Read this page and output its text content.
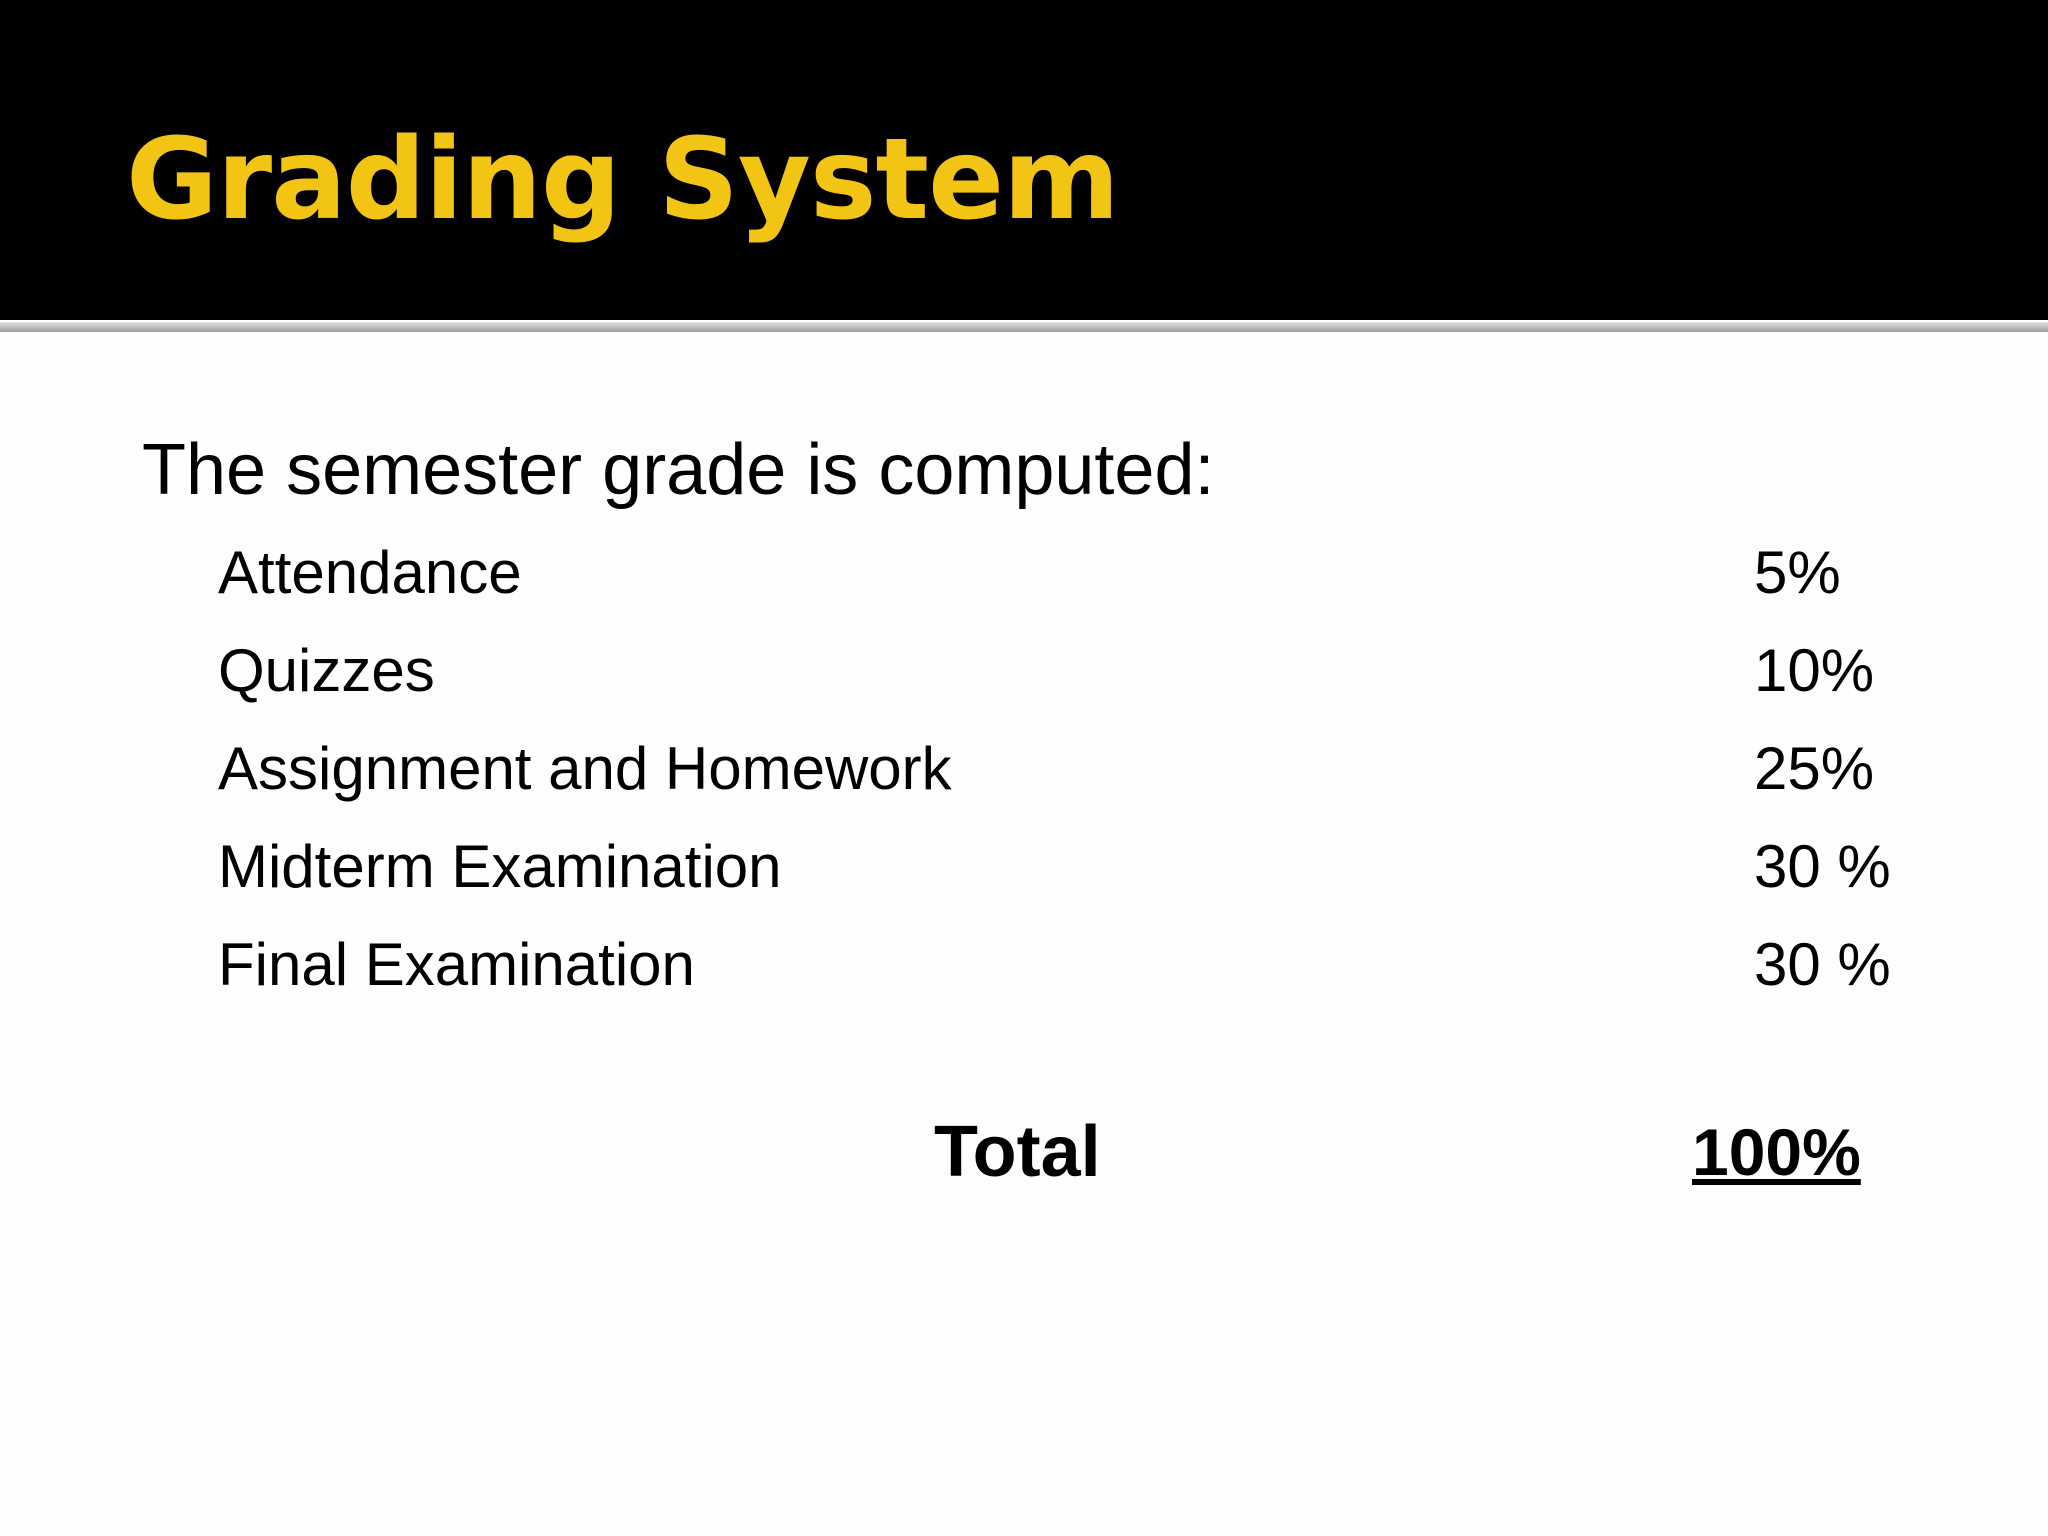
Grading System
The semester grade is computed:
Attendance	5%
Quizzes	10%
Assignment and Homework	25%
Midterm Examination	30 %
Final Examination	30 %
Total	100%
